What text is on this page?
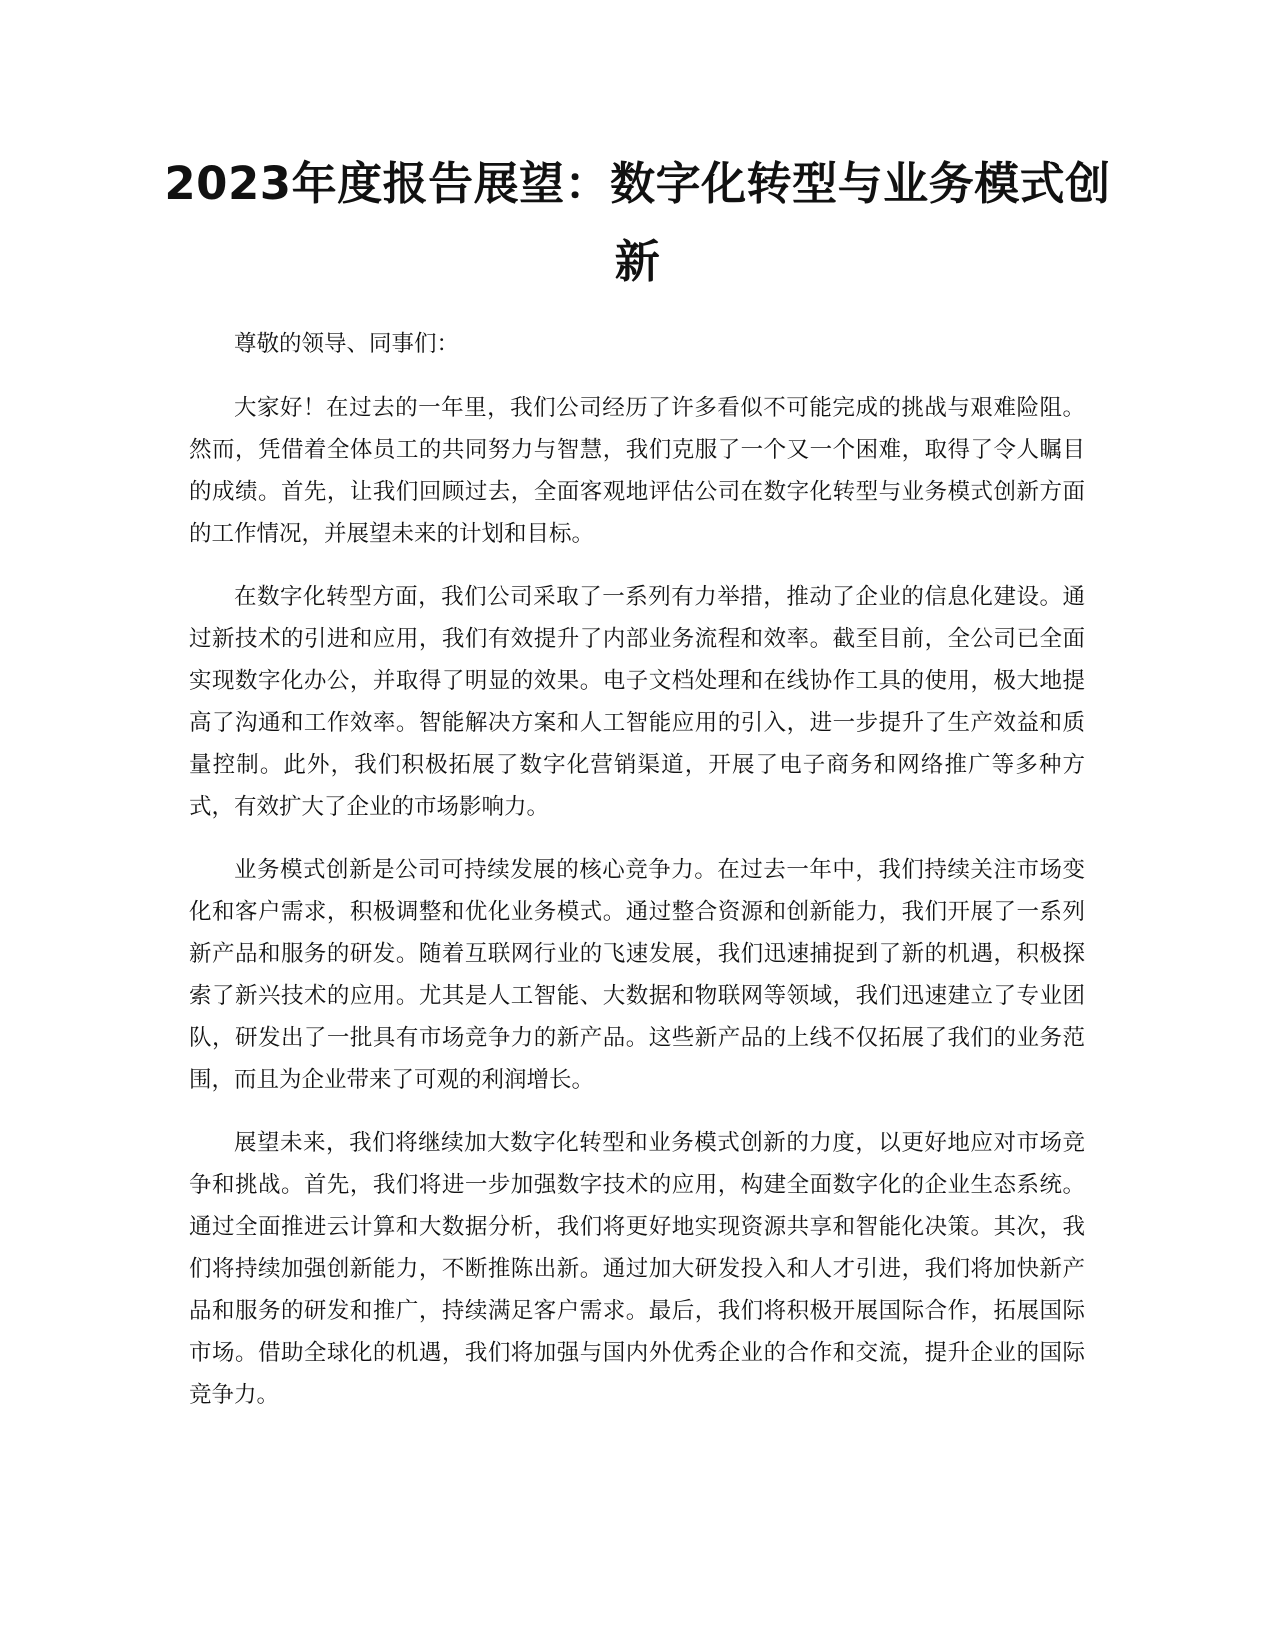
2023年度报告展望：数字化转型与业务模式创新

尊敬的领导、同事们：

大家好！在过去的一年里，我们公司经历了许多看似不可能完成的挑战与艰难险阻。然而，凭借着全体员工的共同努力与智慧，我们克服了一个又一个困难，取得了令人瞩目的成绩。首先，让我们回顾过去，全面客观地评估公司在数字化转型与业务模式创新方面的工作情况，并展望未来的计划和目标。

在数字化转型方面，我们公司采取了一系列有力举措，推动了企业的信息化建设。通过新技术的引进和应用，我们有效提升了内部业务流程和效率。截至目前，全公司已全面实现数字化办公，并取得了明显的效果。电子文档处理和在线协作工具的使用，极大地提高了沟通和工作效率。智能解决方案和人工智能应用的引入，进一步提升了生产效益和质量控制。此外，我们积极拓展了数字化营销渠道，开展了电子商务和网络推广等多种方式，有效扩大了企业的市场影响力。

业务模式创新是公司可持续发展的核心竞争力。在过去一年中，我们持续关注市场变化和客户需求，积极调整和优化业务模式。通过整合资源和创新能力，我们开展了一系列新产品和服务的研发。随着互联网行业的飞速发展，我们迅速捕捉到了新的机遇，积极探索了新兴技术的应用。尤其是人工智能、大数据和物联网等领域，我们迅速建立了专业团队，研发出了一批具有市场竞争力的新产品。这些新产品的上线不仅拓展了我们的业务范围，而且为企业带来了可观的利润增长。

展望未来，我们将继续加大数字化转型和业务模式创新的力度，以更好地应对市场竞争和挑战。首先，我们将进一步加强数字技术的应用，构建全面数字化的企业生态系统。通过全面推进云计算和大数据分析，我们将更好地实现资源共享和智能化决策。其次，我们将持续加强创新能力，不断推陈出新。通过加大研发投入和人才引进，我们将加快新产品和服务的研发和推广，持续满足客户需求。最后，我们将积极开展国际合作，拓展国际市场。借助全球化的机遇，我们将加强与国内外优秀企业的合作和交流，提升企业的国际竞争力。
